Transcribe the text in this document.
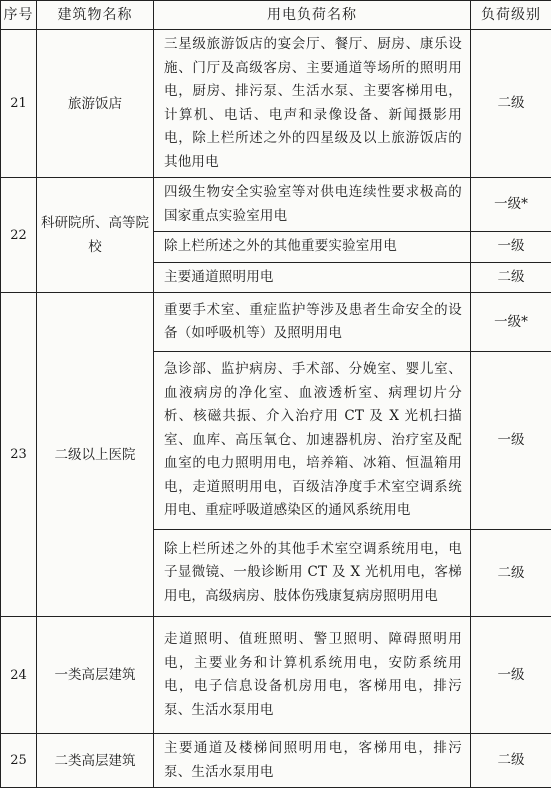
序号	建筑物名称	用电负荷名称	负荷级别
21	旅游饭店	三星级旅游饭店的宴会厅、餐厅、厨房、康乐设施、门厅及高级客房、主要通道等场所的照明用电，厨房、排污泵、生活水泵、主要客梯用电，计算机、电话、电声和录像设备、新闻摄影用电，除上栏所述之外的四星级及以上旅游饭店的其他用电	二级
22	科研院所、高等院校	四级生物安全实验室等对供电连续性要求极高的国家重点实验室用电	一级*
		除上栏所述之外的其他重要实验室用电	一级
		主要通道照明用电	二级
23	二级以上医院	重要手术室、重症监护等涉及患者生命安全的设备（如呼吸机等）及照明用电	一级*
		急诊部、监护病房、手术部、分娩室、婴儿室、血液病房的净化室、血液透析室、病理切片分析、核磁共振、介入治疗用 CT 及 X 光机扫描室、血库、高压氧仓、加速器机房、治疗室及配血室的电力照明用电，培养箱、冰箱、恒温箱用电，走道照明用电，百级洁净度手术室空调系统用电、重症呼吸道感染区的通风系统用电	一级
		除上栏所述之外的其他手术室空调系统用电，电子显微镜、一般诊断用 CT 及 X 光机用电，客梯用电，高级病房、肢体伤残康复病房照明用电	二级
24	一类高层建筑	走道照明、值班照明、警卫照明、障碍照明用电，主要业务和计算机系统用电，安防系统用电，电子信息设备机房用电，客梯用电，排污泵、生活水泵用电	一级
25	二类高层建筑	主要通道及楼梯间照明用电，客梯用电，排污泵、生活水泵用电	二级
